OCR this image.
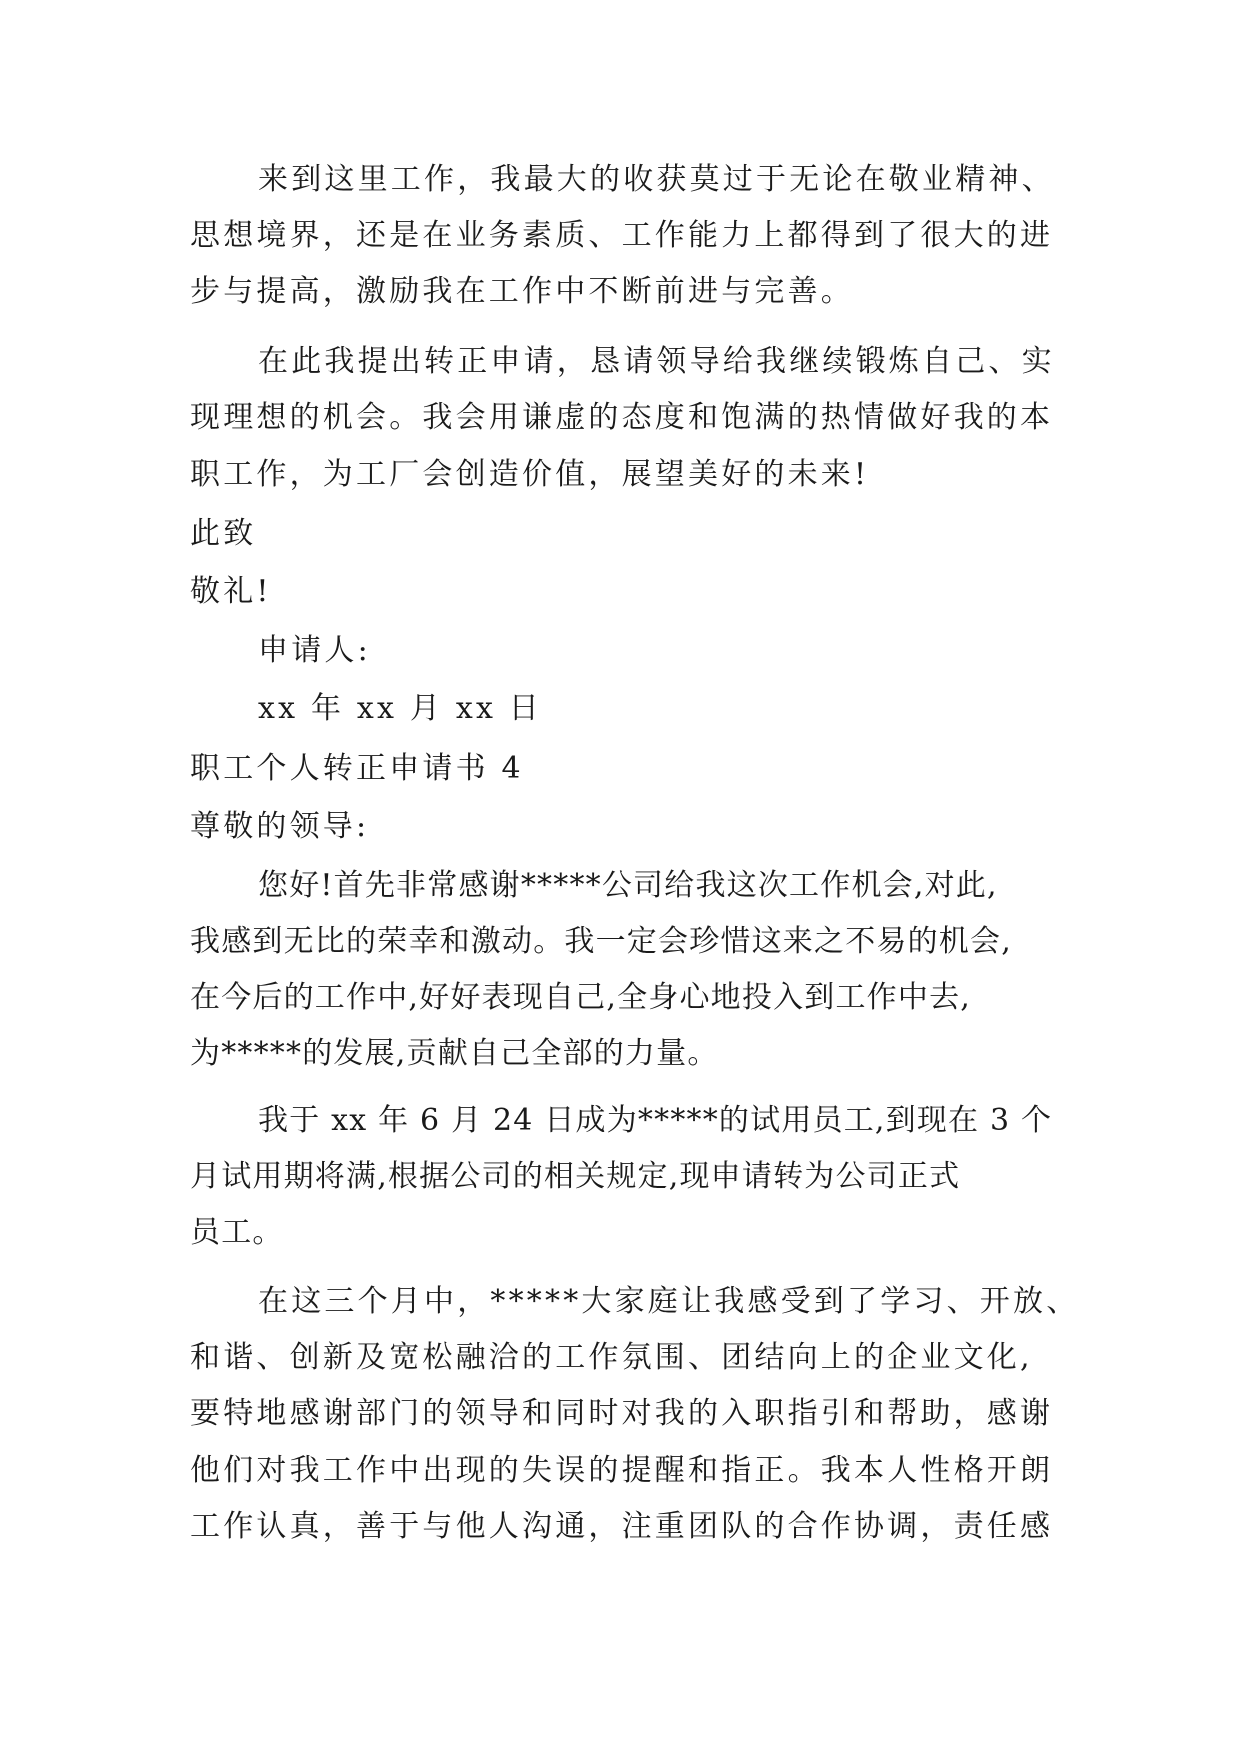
来到这里工作，我最大的收获莫过于无论在敬业精神、
思想境界，还是在业务素质、工作能力上都得到了很大的进
步与提高，激励我在工作中不断前进与完善。
在此我提出转正申请，恳请领导给我继续锻炼自己、实
现理想的机会。我会用谦虚的态度和饱满的热情做好我的本
职工作，为工厂会创造价值，展望美好的未来!
此致
敬礼!
申请人:
xx 年 xx 月 xx 日
职工个人转正申请书 4
尊敬的领导:
您好!首先非常感谢*****公司给我这次工作机会,对此,
我感到无比的荣幸和激动。我一定会珍惜这来之不易的机会,
在今后的工作中,好好表现自己,全身心地投入到工作中去,
为*****的发展,贡献自己全部的力量。
我于 xx 年 6 月 24 日成为*****的试用员工,到现在 3 个
月试用期将满,根据公司的相关规定,现申请转为公司正式
员工。
在这三个月中，*****大家庭让我感受到了学习、开放、
和谐、创新及宽松融洽的工作氛围、团结向上的企业文化,
要特地感谢部门的领导和同时对我的入职指引和帮助，感谢
他们对我工作中出现的失误的提醒和指正。我本人性格开朗
工作认真，善于与他人沟通，注重团队的合作协调，责任感
